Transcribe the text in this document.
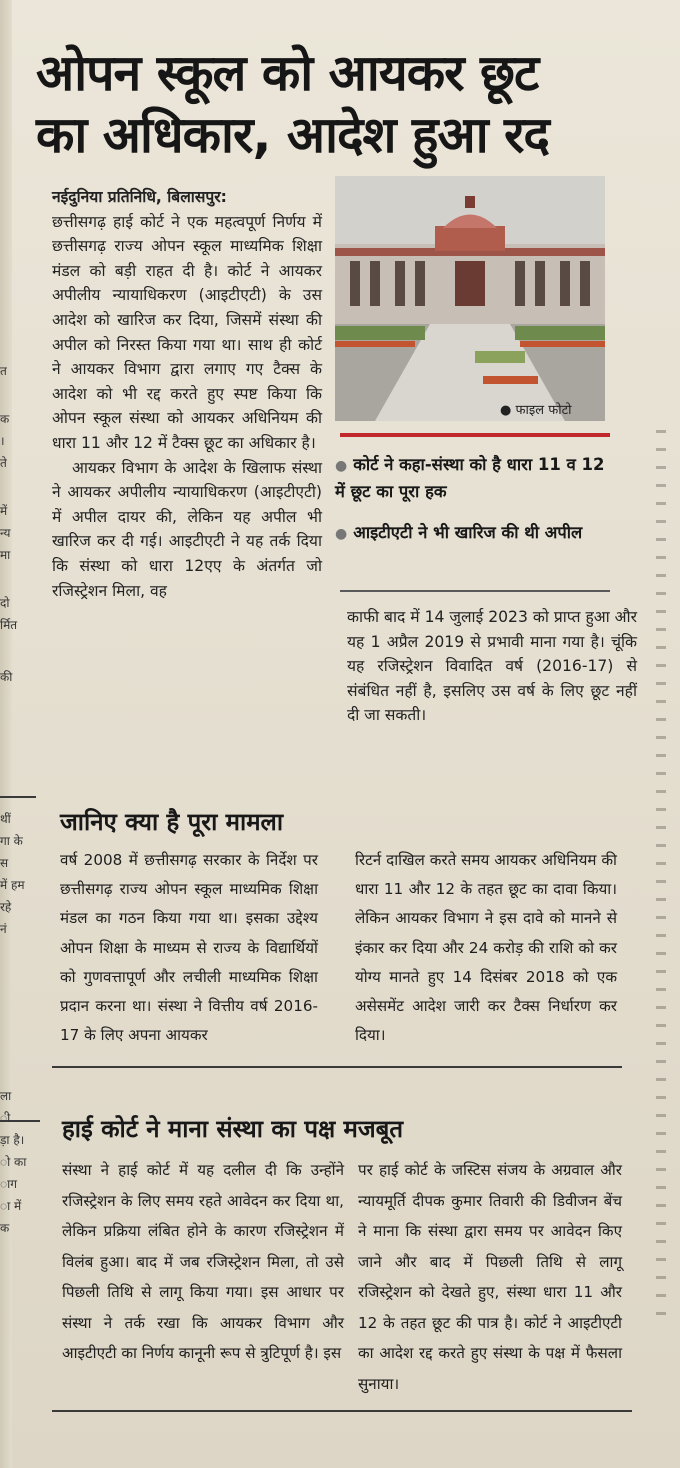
ओपन स्कूल को आयकर छूट
का अधिकार, आदेश हुआ रद

नईदुनिया प्रतिनिधि, बिलासपुर:

छत्तीसगढ़ हाई कोर्ट ने एक महत्वपूर्ण निर्णय में छत्तीसगढ़ राज्य ओपन स्कूल माध्यमिक शिक्षा मंडल को बड़ी राहत दी है। कोर्ट ने आयकर अपीलीय न्यायाधिकरण (आइटीएटी) के उस आदेश को खारिज कर दिया, जिसमें संस्था की अपील को निरस्त किया गया था। साथ ही कोर्ट ने आयकर विभाग द्वारा लगाए गए टैक्स के आदेश को भी रद्द करते हुए स्पष्ट किया कि ओपन स्कूल संस्था को आयकर अधिनियम की धारा 11 और 12 में टैक्स छूट का अधिकार है।

आयकर विभाग के आदेश के खिलाफ संस्था ने आयकर अपीलीय न्यायाधिकरण (आइटीएटी) में अपील दायर की, लेकिन यह अपील भी खारिज कर दी गई। आइटीएटी ने यह तर्क दिया कि संस्था को धारा 12एए के अंतर्गत जो रजिस्ट्रेशन मिला, वह

● फाइल फोटो
● कोर्ट ने कहा-संस्था को है धारा 11 व 12 में छूट का पूरा हक
● आइटीएटी ने भी खारिज की थी अपील
काफी बाद में 14 जुलाई 2023 को प्राप्त हुआ और यह 1 अप्रैल 2019 से प्रभावी माना गया है। चूंकि यह रजिस्ट्रेशन विवादित वर्ष (2016-17) से संबंधित नहीं है, इसलिए उस वर्ष के लिए छूट नहीं दी जा सकती।
जानिए क्या है पूरा मामला
वर्ष 2008 में छत्तीसगढ़ सरकार के निर्देश पर छत्तीसगढ़ राज्य ओपन स्कूल माध्यमिक शिक्षा मंडल का गठन किया गया था। इसका उद्देश्य ओपन शिक्षा के माध्यम से राज्य के विद्यार्थियों को गुणवत्तापूर्ण और लचीली माध्यमिक शिक्षा प्रदान करना था। संस्था ने वित्तीय वर्ष 2016-17 के लिए अपना आयकर
रिटर्न दाखिल करते समय आयकर अधिनियम की धारा 11 और 12 के तहत छूट का दावा किया। लेकिन आयकर विभाग ने इस दावे को मानने से इंकार कर दिया और 24 करोड़ की राशि को कर योग्य मानते हुए 14 दिसंबर 2018 को एक असेसमेंट आदेश जारी कर टैक्स निर्धारण कर दिया।
हाई कोर्ट ने माना संस्था का पक्ष मजबूत
संस्था ने हाई कोर्ट में यह दलील दी कि उन्होंने रजिस्ट्रेशन के लिए समय रहते आवेदन कर दिया था, लेकिन प्रक्रिया लंबित होने के कारण रजिस्ट्रेशन में विलंब हुआ। बाद में जब रजिस्ट्रेशन मिला, तो उसे पिछली तिथि से लागू किया गया। इस आधार पर संस्था ने तर्क रखा कि आयकर विभाग और आइटीएटी का निर्णय कानूनी रूप से त्रुटिपूर्ण है। इस
पर हाई कोर्ट के जस्टिस संजय के अग्रवाल और न्यायमूर्ति दीपक कुमार तिवारी की डिवीजन बेंच ने माना कि संस्था द्वारा समय पर आवेदन किए जाने और बाद में पिछली तिथि से लागू रजिस्ट्रेशन को देखते हुए, संस्था धारा 11 और 12 के तहत छूट की पात्र है। कोर्ट ने आइटीएटी का आदेश रद्द करते हुए संस्था के पक्ष में फैसला सुनाया।
त
क
।
ते
में
न्य
मा
दो
र्मित
की
थीं
गा के
स
में हम
रहे
नं
ला
ी
ड़ा है।
ो का
ाग
ा में
क
